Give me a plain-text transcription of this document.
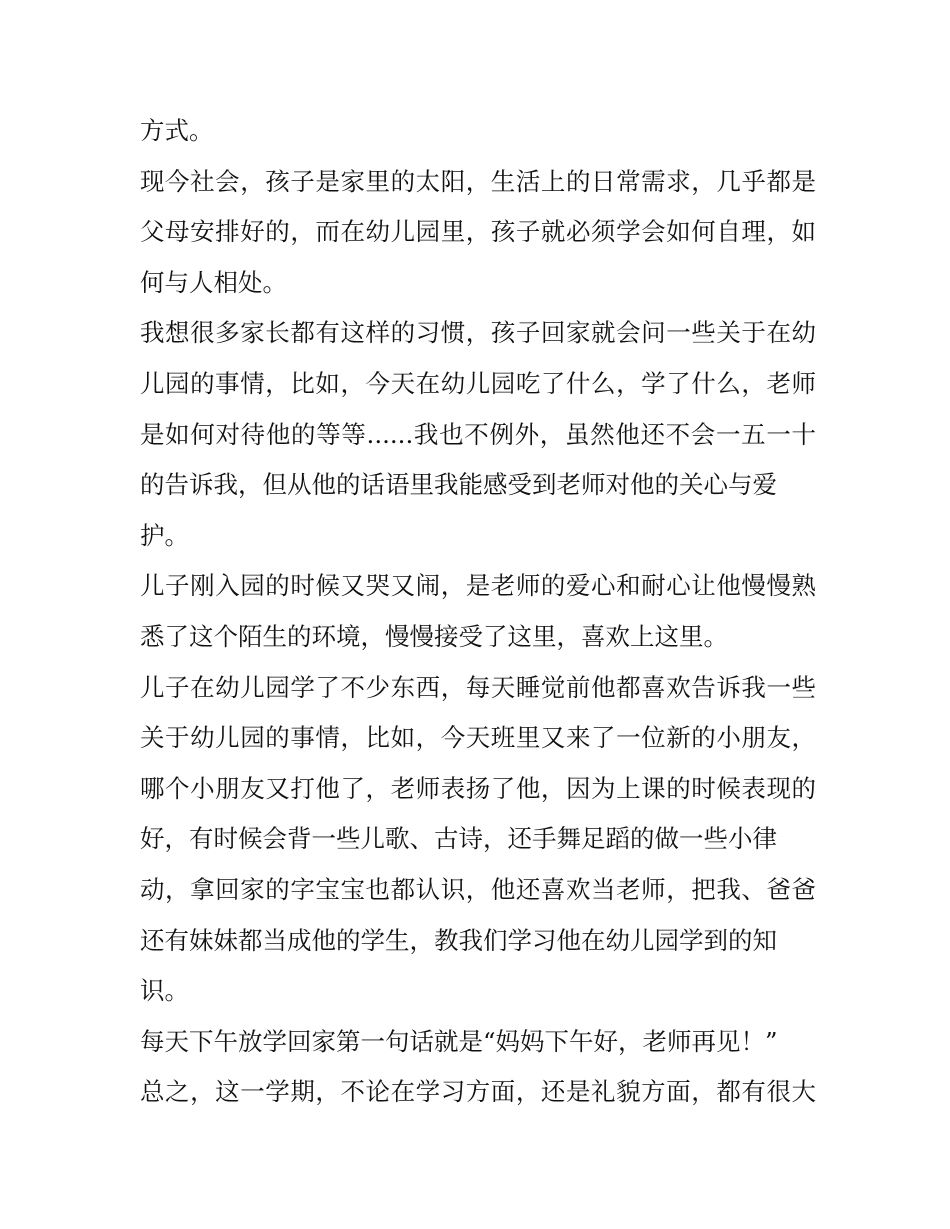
方式。
现今社会，孩子是家里的太阳，生活上的日常需求，几乎都是
父母安排好的，而在幼儿园里，孩子就必须学会如何自理，如
何与人相处。
我想很多家长都有这样的习惯，孩子回家就会问一些关于在幼
儿园的事情，比如，今天在幼儿园吃了什么，学了什么，老师
是如何对待他的等等......我也不例外，虽然他还不会一五一十
的告诉我，但从他的话语里我能感受到老师对他的关心与爱
护。
儿子刚入园的时候又哭又闹，是老师的爱心和耐心让他慢慢熟
悉了这个陌生的环境，慢慢接受了这里，喜欢上这里。
儿子在幼儿园学了不少东西，每天睡觉前他都喜欢告诉我一些
关于幼儿园的事情，比如，今天班里又来了一位新的小朋友，
哪个小朋友又打他了，老师表扬了他，因为上课的时候表现的
好，有时候会背一些儿歌、古诗，还手舞足蹈的做一些小律
动，拿回家的字宝宝也都认识，他还喜欢当老师，把我、爸爸
还有妹妹都当成他的学生，教我们学习他在幼儿园学到的知
识。
每天下午放学回家第一句话就是“妈妈下午好，老师再见！”
总之，这一学期，不论在学习方面，还是礼貌方面，都有很大
